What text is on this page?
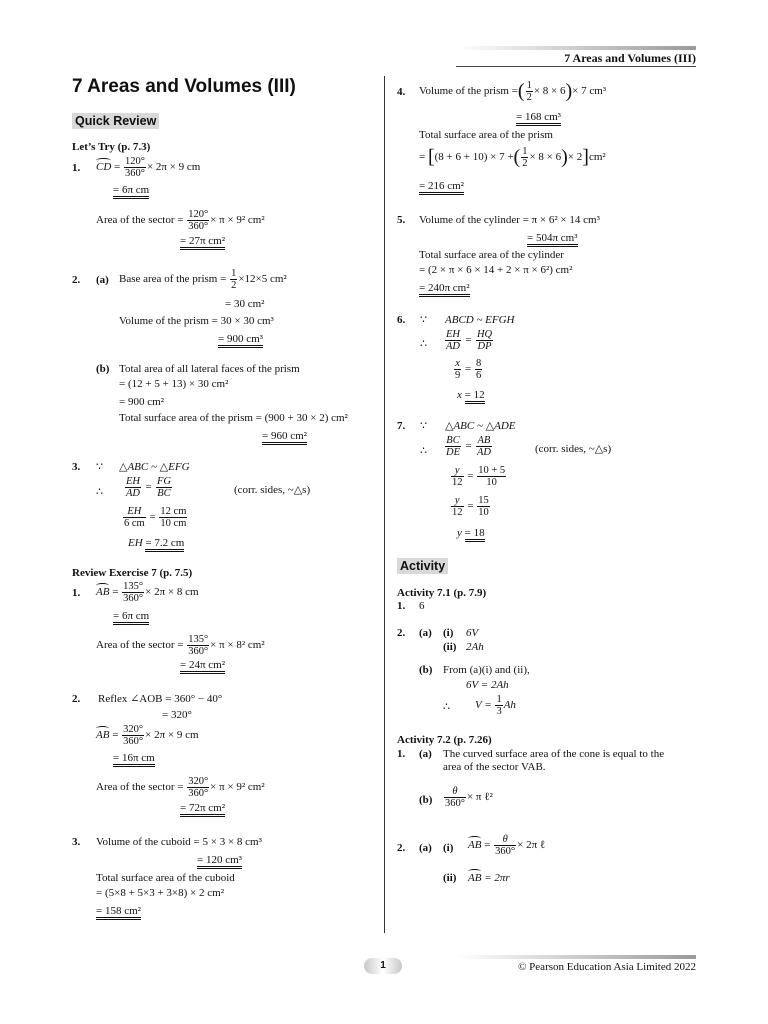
7 Areas and Volumes (III)
7 Areas and Volumes (III)
Quick Review
Let’s Try (p. 7.3)
1. CD = $\frac{120^\circ}{360^\circ} \times 2\pi \times 9$ cm
= 6π cm
Area of the sector = $\frac{120^\circ}{360^\circ} \times \pi \times 9^2$ cm²
= 27π cm²
2. (a) Base area of the prism = $\frac{1}{2} \times 12\times 5$ cm²
= 30 cm²
Volume of the prism = 30 × 30 cm³
= 900 cm³
(b) Total area of all lateral faces of the prism
= (12 + 5 + 13) × 30 cm²
= 900 cm²
Total surface area of the prism = (900 + 30 × 2) cm²
= 960 cm²
3. ∵ △ABC ~ △EFG
∴ $\frac{EH}{AD} = \frac{FG}{BC}$	(corr. sides, ~△s)
$\frac{EH}{6 cm} = \frac{12 cm}{10 cm}$
EH = 7.2 cm
Review Exercise 7 (p. 7.5)
1. AB = $\frac{135^\circ}{360^\circ} \times 2\pi \times 8$ cm
= 6π cm
Area of the sector = $\frac{135^\circ}{360^\circ} \times \pi \times 8^2$ cm²
= 24π cm²
2. Reflex ∠AOB = 360° − 40°
= 320°
AB = $\frac{320^\circ}{360^\circ} \times 2\pi \times 9$ cm
= 16π cm
Area of the sector = $\frac{320^\circ}{360^\circ} \times \pi \times 9^2$ cm²
= 72π cm²
3. Volume of the cuboid = 5 × 3 × 8 cm³
= 120 cm³
Total surface area of the cuboid
= (5×8 + 5×3 + 3×8) × 2 cm²
= 158 cm²
4. Volume of the prism =( $\frac{1}{2} \times 8 \times 6)\times 7$ cm³
= 168 cm³
Total surface area of the prism
= [(8 + 6 + 10) × 7 +( $\frac{1}{2} \times 8 \times 6)\times 2]cm^2$
= 216 cm²
5. Volume of the cylinder = π × 6² × 14 cm³
= 504π cm³
Total surface area of the cylinder
= (2 × π × 6 × 14 + 2 × π × 6²) cm²
= 240π cm²
6. ∵ ABCD ~ EFGH
∴ $\frac{EH}{AD} = \frac{HQ}{DP}$
$\frac{x}{9} = \frac{8}{6}$
x = 12
7. ∵ △ABC ~ △ADE
∴ $\frac{BC}{DE} = \frac{AB}{AD}$	(corr. sides, ~△s)
$\frac{y}{12} = \frac{10 + 5}{10}$
$\frac{y}{12} = \frac{15}{10}$
y = 18
Activity
Activity 7.1 (p. 7.9)
1. 6
2. (a) (i) 6V
(ii) 2Ah
(b) From (a)(i) and (ii),
6V = 2Ah
∴ $V = \frac{1}{3}$ Ah
Activity 7.2 (p. 7.26)
1. (a) The curved surface area of the cone is equal to the
area of the sector VAB.
$(b) \frac{\theta}{360^\circ} \times \pi$ ℓ²
2. (a) (i) AB = $\frac{\theta}{360^\circ} \times 2\pi$ ℓ
(ii) AB = 2πr
1	© Pearson Education Asia Limited 2022
